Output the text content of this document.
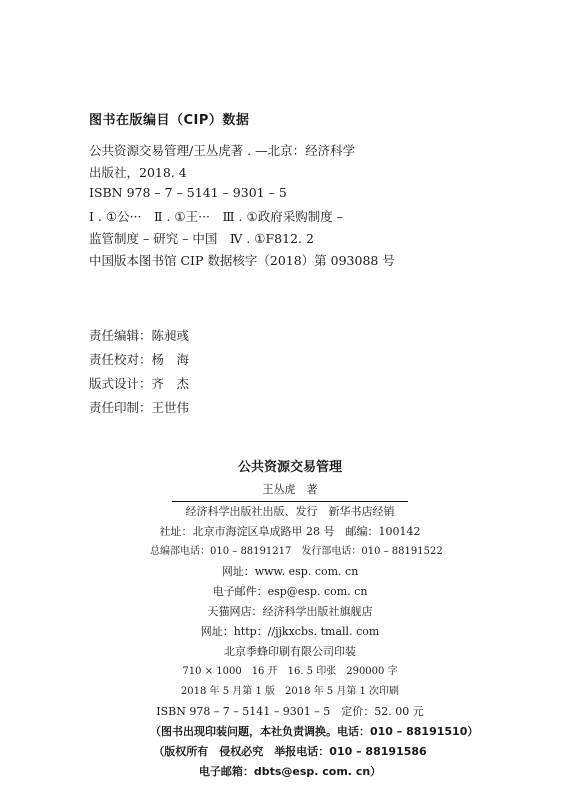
图书在版编目（CIP）数据
公共资源交易管理/王丛虎著 . —北京：经济科学
出版社，2018. 4
ISBN 978 – 7 – 5141 – 9301 – 5
Ⅰ . ①公···　Ⅱ . ①王···　Ⅲ . ①政府采购制度 –
监管制度 – 研究 – 中国　Ⅳ . ①F812. 2
中国版本图书馆 CIP 数据核字（2018）第 093088 号
责任编辑：陈昶彧
责任校对：杨　海
版式设计：齐　杰
责任印制：王世伟
公共资源交易管理
王丛虎　著
经济科学出版社出版、发行　新华书店经销
社址：北京市海淀区阜成路甲 28 号　邮编：100142
总编部电话：010 – 88191217　发行部电话：010 – 88191522
网址：www. esp. com. cn
电子邮件：esp@esp. com. cn
天猫网店：经济科学出版社旗舰店
网址：http：//jjkxcbs. tmall. com
北京季蜂印刷有限公司印装
710 × 1000　16 开　16. 5 印张　290000 字
2018 年 5 月第 1 版　2018 年 5 月第 1 次印刷
ISBN 978 – 7 – 5141 – 9301 – 5　定价：52. 00 元
（图书出现印装问题，本社负责调换。电话：010 – 88191510）
（版权所有　侵权必究　举报电话：010 – 88191586
电子邮箱：dbts@esp. com. cn）
